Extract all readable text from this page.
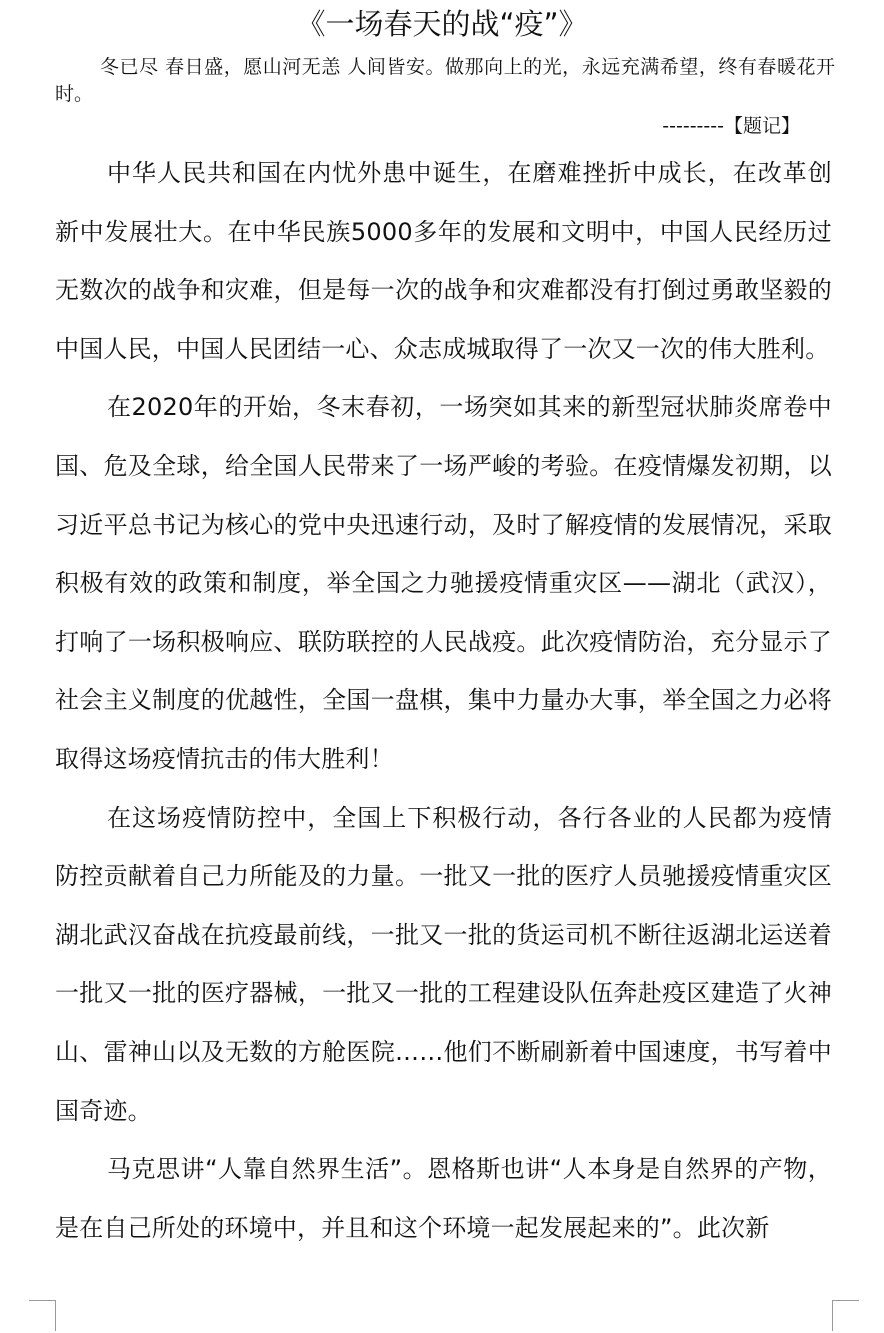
《一场春天的战“疫”》

冬已尽 春日盛，愿山河无恙 人间皆安。做那向上的光，永远充满希望，终有春暖花开时。

---------【题记】

中华人民共和国在内忧外患中诞生，在磨难挫折中成长，在改革创新中发展壮大。在中华民族5000多年的发展和文明中，中国人民经历过无数次的战争和灾难，但是每一次的战争和灾难都没有打倒过勇敢坚毅的中国人民，中国人民团结一心、众志成城取得了一次又一次的伟大胜利。

在2020年的开始，冬末春初，一场突如其来的新型冠状肺炎席卷中国、危及全球，给全国人民带来了一场严峻的考验。在疫情爆发初期，以习近平总书记为核心的党中央迅速行动，及时了解疫情的发展情况，采取积极有效的政策和制度，举全国之力驰援疫情重灾区——湖北（武汉），打响了一场积极响应、联防联控的人民战疫。此次疫情防治，充分显示了社会主义制度的优越性，全国一盘棋，集中力量办大事，举全国之力必将取得这场疫情抗击的伟大胜利！

在这场疫情防控中，全国上下积极行动，各行各业的人民都为疫情防控贡献着自己力所能及的力量。一批又一批的医疗人员驰援疫情重灾区湖北武汉奋战在抗疫最前线，一批又一批的货运司机不断往返湖北运送着一批又一批的医疗器械，一批又一批的工程建设队伍奔赴疫区建造了火神山、雷神山以及无数的方舱医院……他们不断刷新着中国速度，书写着中国奇迹。

马克思讲“人靠自然界生活”。恩格斯也讲“人本身是自然界的产物，是在自己所处的环境中，并且和这个环境一起发展起来的”。此次新
